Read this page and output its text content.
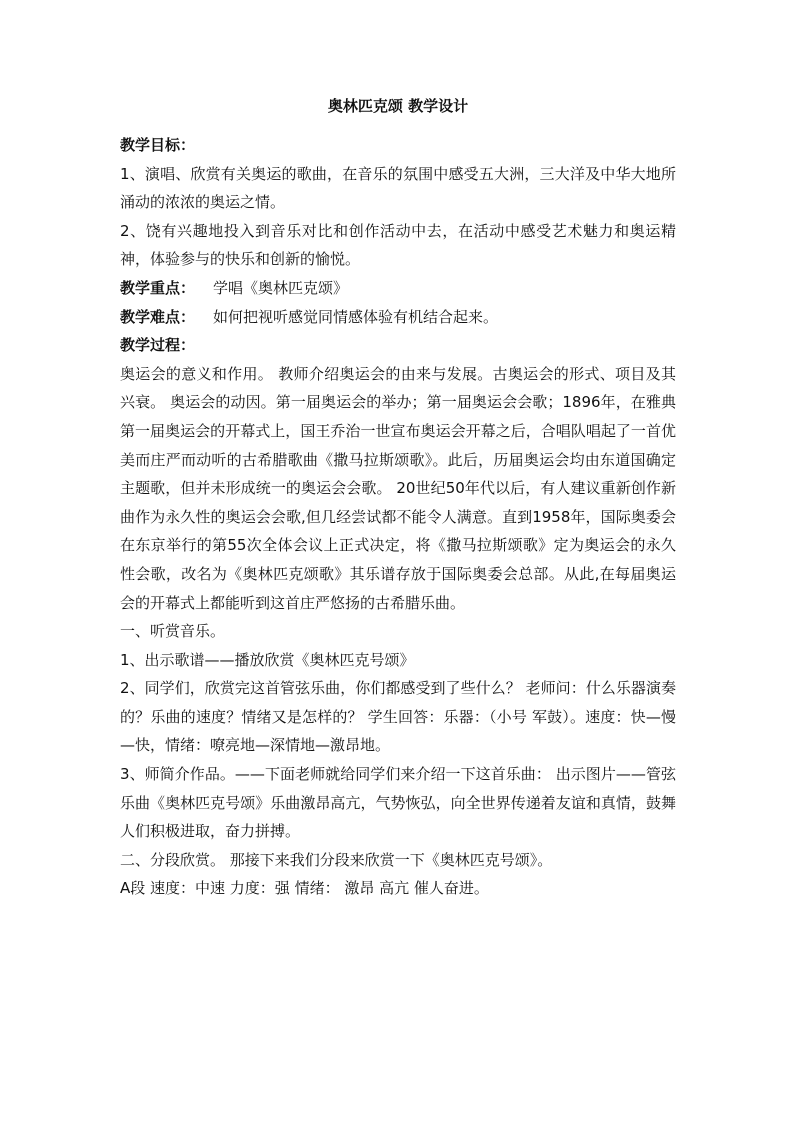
奥林匹克颂 教学设计

教学目标：

1、演唱、欣赏有关奥运的歌曲，在音乐的氛围中感受五大洲，三大洋及中华大地所涌动的浓浓的奥运之情。

2、饶有兴趣地投入到音乐对比和创作活动中去，在活动中感受艺术魅力和奥运精神，体验参与的快乐和创新的愉悦。

教学重点： 学唱《奥林匹克颂》

教学难点： 如何把视听感觉同情感体验有机结合起来。

教学过程：

奥运会的意义和作用。 教师介绍奥运会的由来与发展。古奥运会的形式、项目及其兴衰。 奥运会的动因。第一届奥运会的举办；第一届奥运会会歌；1896年，在雅典第一届奥运会的开幕式上，国王乔治一世宣布奥运会开幕之后，合唱队唱起了一首优美而庄严而动听的古希腊歌曲《撒马拉斯颂歌》。此后，历届奥运会均由东道国确定主题歌，但并未形成统一的奥运会会歌。 20世纪50年代以后，有人建议重新创作新曲作为永久性的奥运会会歌,但几经尝试都不能令人满意。直到1958年，国际奥委会在东京举行的第55次全体会议上正式决定，将《撒马拉斯颂歌》定为奥运会的永久性会歌，改名为《奥林匹克颂歌》其乐谱存放于国际奥委会总部。从此,在每届奥运会的开幕式上都能听到这首庄严悠扬的古希腊乐曲。

一、听赏音乐。

1、出示歌谱——播放欣赏《奥林匹克号颂》

2、同学们，欣赏完这首管弦乐曲，你们都感受到了些什么？ 老师问：什么乐器演奏的？乐曲的速度？情绪又是怎样的？ 学生回答：乐器：（小号 军鼓）。速度：快—慢—快，情绪：嘹亮地—深情地—激昂地。

3、师简介作品。——下面老师就给同学们来介绍一下这首乐曲： 出示图片——管弦乐曲《奥林匹克号颂》乐曲激昂高亢，气势恢弘，向全世界传递着友谊和真情，鼓舞人们积极进取，奋力拼搏。

二、分段欣赏。 那接下来我们分段来欣赏一下《奥林匹克号颂》。

A段 速度：中速 力度：强 情绪： 激昂 高亢 催人奋进。
